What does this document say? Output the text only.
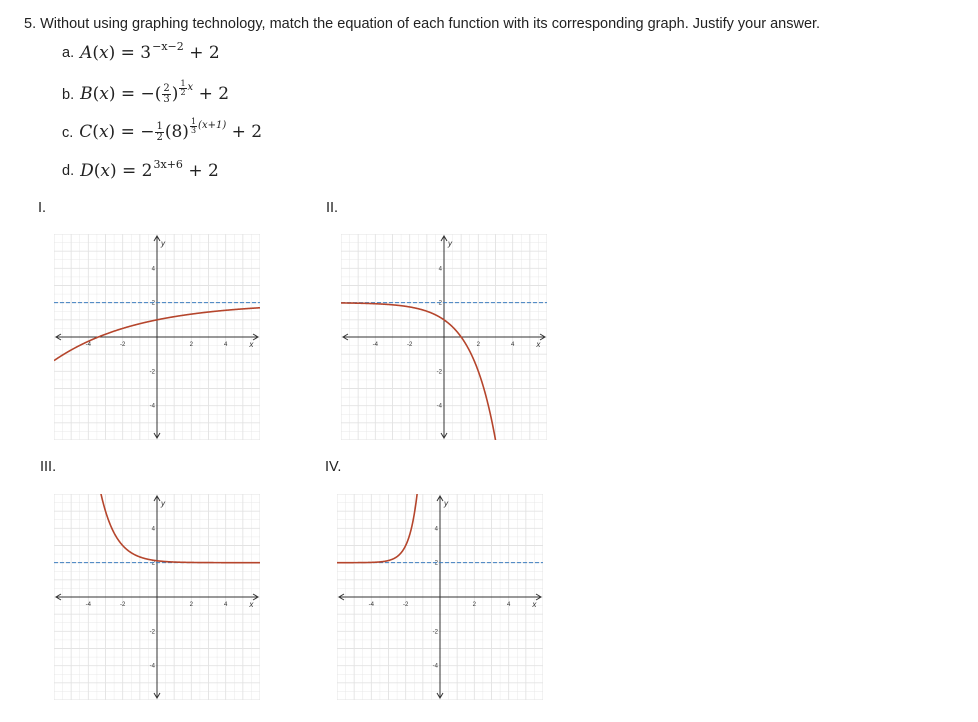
5. Without using graphing technology, match the equation of each function with its corresponding graph. Justify your answer.
a. $A(x) = 3^{-x-2} + 2$
b. B(x) = −( $\frac{2}{3}$ ) $^{\frac{1}{2} x}$ + 2
c. C(x) = − $\frac{1}{2} (8) ^{\frac{1}{3} (x+1)} + 2$
d. $D(x) = 2^{3x+6} + 2$
I.	II.
III.	IV.
-4
-4
-2
-2
2
2
4
4
x
y
-4
-4
-2
-2
2
2
4
4
x
y
-4
-4
-2
-2
2
2
4
4
x
y
-4
-4
-2
-2
2
2
4
4
x
y
